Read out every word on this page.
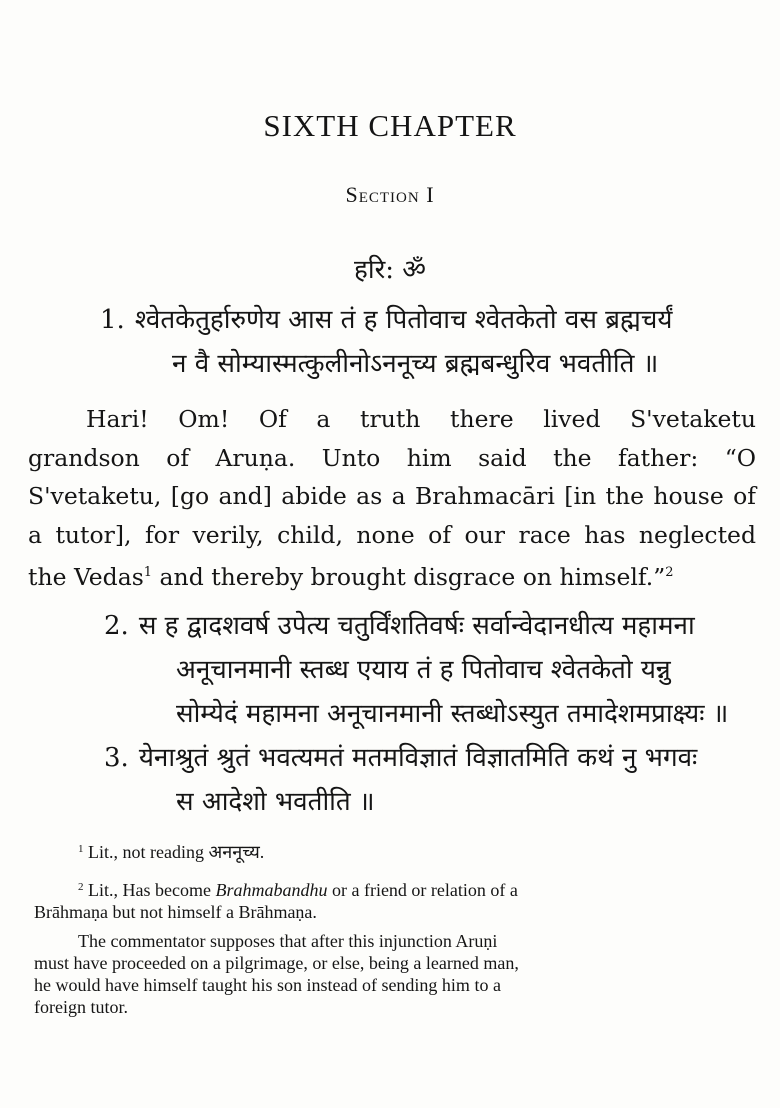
SIXTH CHAPTER
Section I
हरि: ॐ
1. श्वेतकेतुर्हारुणेय आस तं ह पितोवाच श्वेतकेतो वस ब्रह्मचर्यं
न वै सोम्यास्मत्कुलीनोऽननूच्य ब्रह्मबन्धुरिव भवतीति ॥
Hari! Om! Of a truth there lived S'vetaketu
grandson of Aruṇa. Unto him said the father: “O
S'vetaketu, [go and] abide as a Brahmacāri [in the house of
a tutor], for verily, child, none of our race has neglected
the Vedas$^1$ and thereby brought disgrace on himself.”$^2$
2. स ह द्वादशवर्ष उपेत्य चतुर्विंशतिवर्षः सर्वान्वेदानधीत्य महामना
अनूचानमानी स्तब्ध एयाय तं ह पितोवाच श्वेतकेतो यन्नु
सोम्येदं महामना अनूचानमानी स्तब्धोऽस्युत तमादेशमप्राक्ष्यः ॥
3. येनाश्रुतं श्रुतं भवत्यमतं मतमविज्ञातं विज्ञातमिति कथं नु भगवः
स आदेशो भवतीति ॥
$^1$ Lit., not reading अननूच्य.
$^2$ Lit., Has become Brahmabandhu or a friend or relation of a
Brāhmaṇa but not himself a Brāhmaṇa.
The commentator supposes that after this injunction Aruṇi
must have proceeded on a pilgrimage, or else, being a learned man,
he would have himself taught his son instead of sending him to a
foreign tutor.
